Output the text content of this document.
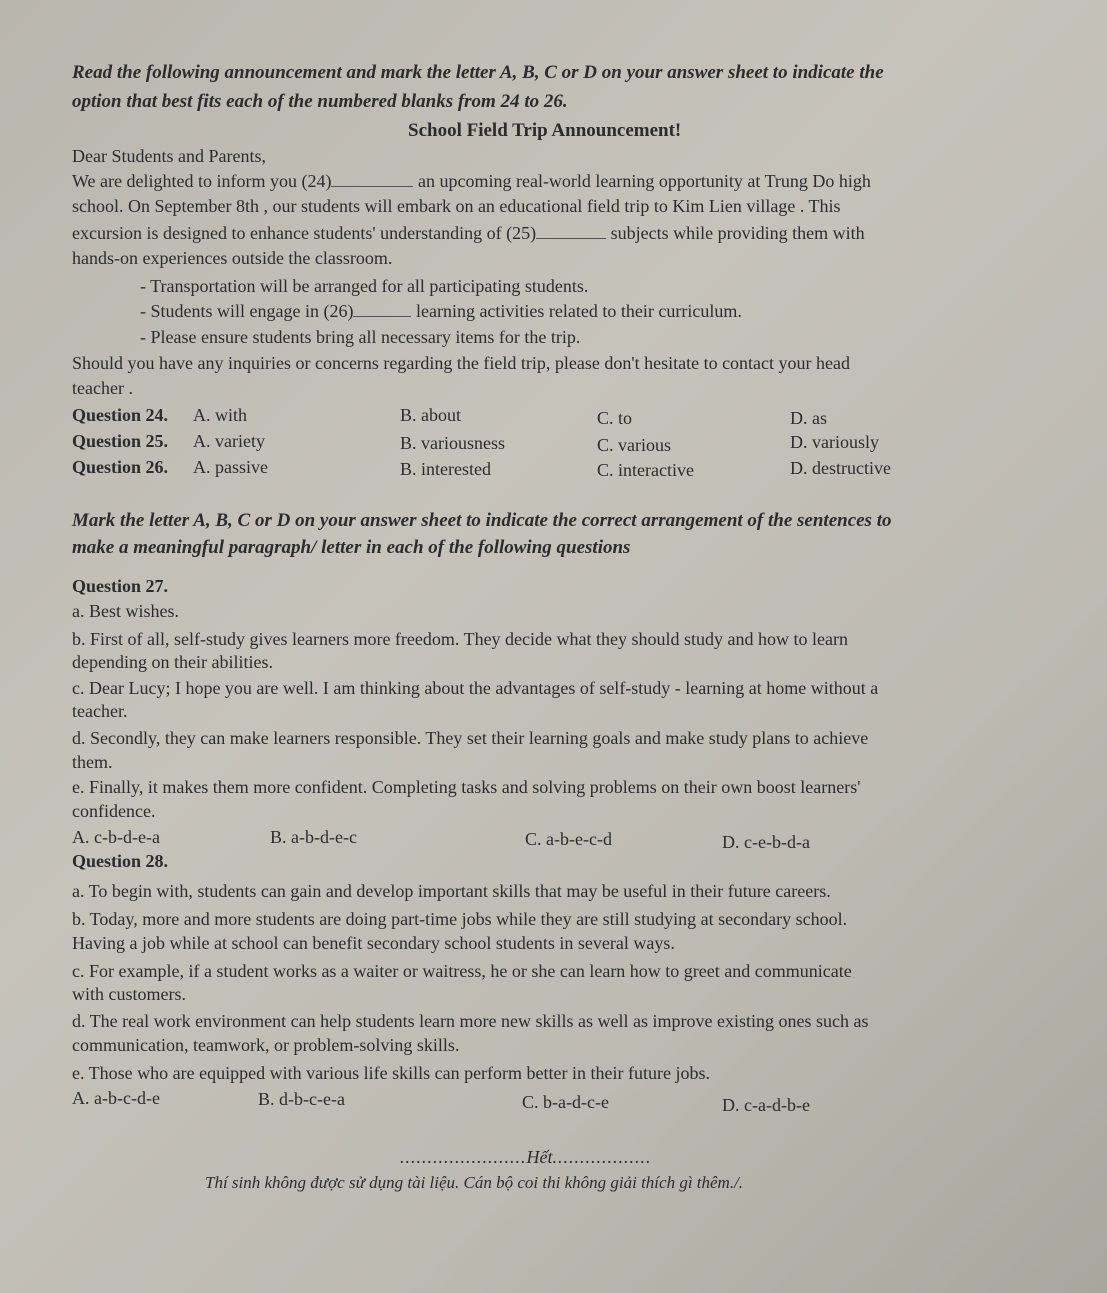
Read the following announcement and mark the letter A, B, C or D on your answer sheet to indicate the
option that best fits each of the numbered blanks from 24 to 26.
School Field Trip Announcement!
Dear Students and Parents,
We are delighted to inform you (24)	an upcoming real-world learning opportunity at Trung Do high
school. On September 8th , our students will embark on an educational field trip to Kim Lien village . This
excursion is designed to enhance students' understanding of (25)	subjects while providing them with
hands-on experiences outside the classroom.
- Transportation will be arranged for all participating students.
- Students will engage in (26)	learning activities related to their curriculum.
- Please ensure students bring all necessary items for the trip.
Should you have any inquiries or concerns regarding the field trip, please don't hesitate to contact your head
teacher .
Question 24. A. with	B. about	C. to	D. as
Question 25. A. variety	B. variousness	C. various	D. variously
Question 26. A. passive	B. interested	C. interactive	D. destructive
Mark the letter A, B, C or D on your answer sheet to indicate the correct arrangement of the sentences to
make a meaningful paragraph/ letter in each of the following questions
Question 27.
a. Best wishes.
b. First of all, self-study gives learners more freedom. They decide what they should study and how to learn
depending on their abilities.
c. Dear Lucy; I hope you are well. I am thinking about the advantages of self-study - learning at home without a
teacher.
d. Secondly, they can make learners responsible. They set their learning goals and make study plans to achieve
them.
e. Finally, it makes them more confident. Completing tasks and solving problems on their own boost learners'
confidence.
A. c-b-d-e-a	B. a-b-d-e-c	C. a-b-e-c-d	D. c-e-b-d-a
Question 28.
a. To begin with, students can gain and develop important skills that may be useful in their future careers.
b. Today, more and more students are doing part-time jobs while they are still studying at secondary school.
Having a job while at school can benefit secondary school students in several ways.
c. For example, if a student works as a waiter or waitress, he or she can learn how to greet and communicate
with customers.
d. The real work environment can help students learn more new skills as well as improve existing ones such as
communication, teamwork, or problem-solving skills.
e. Those who are equipped with various life skills can perform better in their future jobs.
A. a-b-c-d-e	B. d-b-c-e-a	C. b-a-d-c-e	D. c-a-d-b-e
.......................Hết..................
Thí sinh không được sử dụng tài liệu. Cán bộ coi thi không giải thích gì thêm./.
